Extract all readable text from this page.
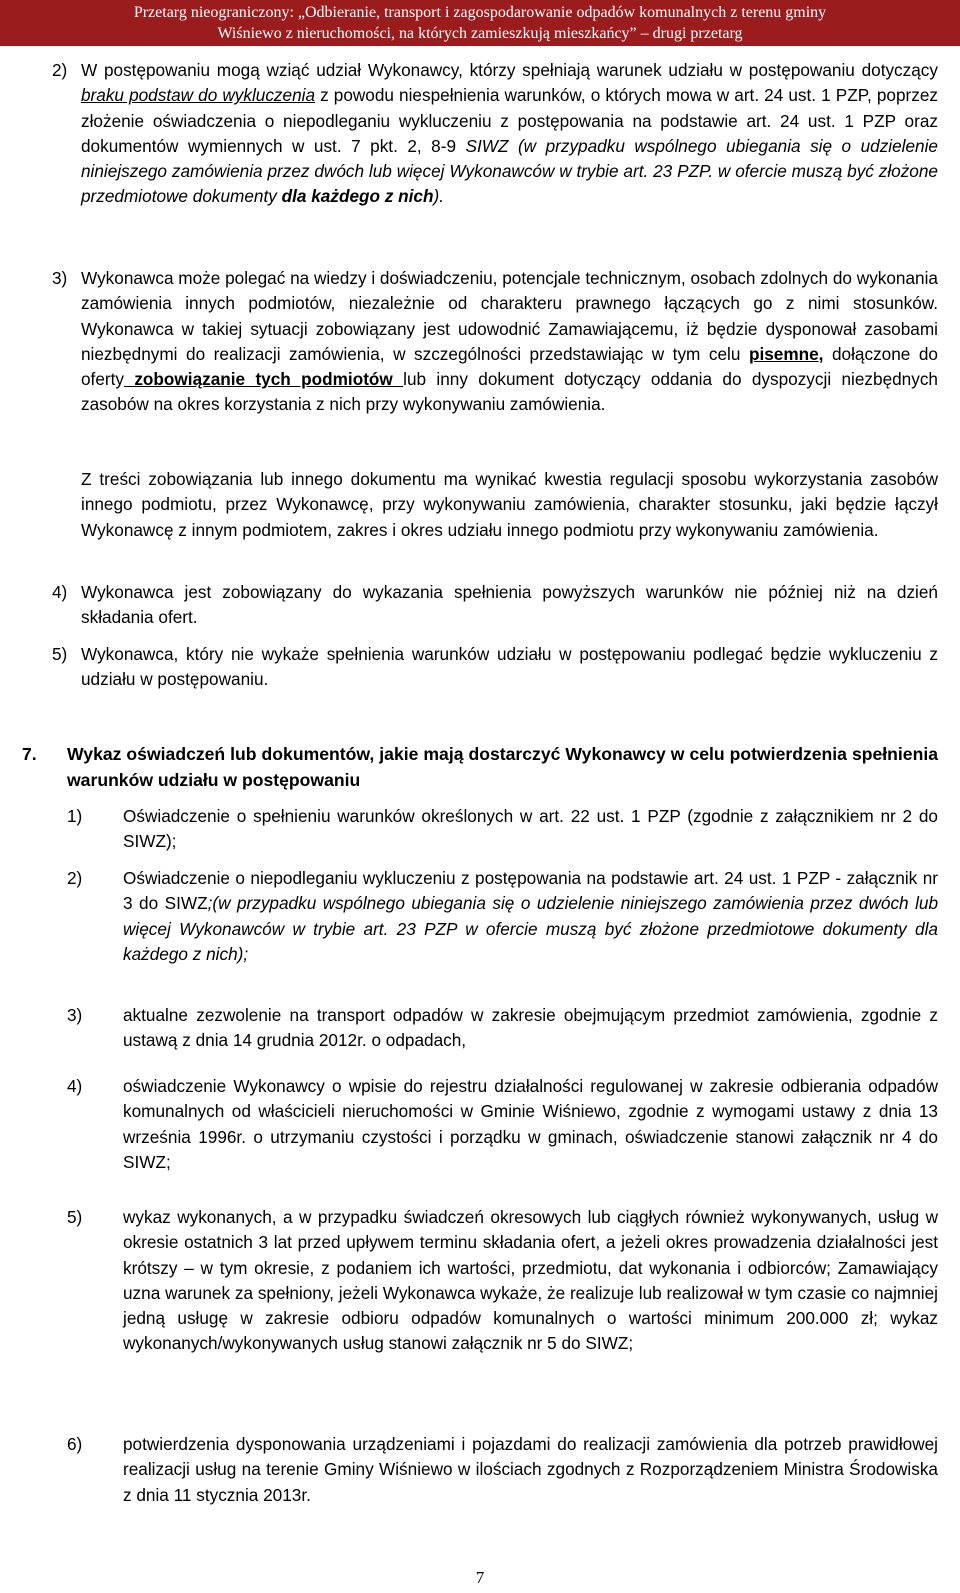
Przetarg nieograniczony: „Odbieranie, transport i zagospodarowanie odpadów komunalnych z terenu gminy
Wiśniewo z nieruchomości, na których zamieszkują mieszkańcy” – drugi przetarg
2) W postępowaniu mogą wziąć udział Wykonawcy, którzy spełniają warunek udziału w postępowaniu dotyczący braku podstaw do wykluczenia z powodu niespełnienia warunków, o których mowa w art. 24 ust. 1 PZP, poprzez złożenie oświadczenia o niepodleganiu wykluczeniu z postępowania na podstawie art. 24 ust. 1 PZP oraz dokumentów wymiennych w ust. 7 pkt. 2, 8-9 SIWZ (w przypadku wspólnego ubiegania się o udzielenie niniejszego zamówienia przez dwóch lub więcej Wykonawców w trybie art. 23 PZP. w ofercie muszą być złożone przedmiotowe dokumenty dla każdego z nich).
3) Wykonawca może polegać na wiedzy i doświadczeniu, potencjale technicznym, osobach zdolnych do wykonania zamówienia innych podmiotów, niezależnie od charakteru prawnego łączących go z nimi stosunków. Wykonawca w takiej sytuacji zobowiązany jest udowodnić Zamawiającemu, iż będzie dysponował zasobami niezbędnymi do realizacji zamówienia, w szczególności przedstawiając w tym celu pisemne, dołączone do oferty zobowiązanie tych podmiotów lub inny dokument dotyczący oddania do dyspozycji niezbędnych zasobów na okres korzystania z nich przy wykonywaniu zamówienia.
Z treści zobowiązania lub innego dokumentu ma wynikać kwestia regulacji sposobu wykorzystania zasobów innego podmiotu, przez Wykonawcę, przy wykonywaniu zamówienia, charakter stosunku, jaki będzie łączył Wykonawcę z innym podmiotem, zakres i okres udziału innego podmiotu przy wykonywaniu zamówienia.
4) Wykonawca jest zobowiązany do wykazania spełnienia powyższych warunków nie później niż na dzień składania ofert.
5) Wykonawca, który nie wykaże spełnienia warunków udziału w postępowaniu podlegać będzie wykluczeniu z udziału w postępowaniu.
7. Wykaz oświadczeń lub dokumentów, jakie mają dostarczyć Wykonawcy w celu potwierdzenia spełnienia warunków udziału w postępowaniu
1) Oświadczenie o spełnieniu warunków określonych w art. 22 ust. 1 PZP (zgodnie z załącznikiem nr 2 do SIWZ);
2) Oświadczenie o niepodleganiu wykluczeniu z postępowania na podstawie art. 24 ust. 1 PZP - załącznik nr 3 do SIWZ;(w przypadku wspólnego ubiegania się o udzielenie niniejszego zamówienia przez dwóch lub więcej Wykonawców w trybie art. 23 PZP w ofercie muszą być złożone przedmiotowe dokumenty dla każdego z nich);
3) aktualne zezwolenie na transport odpadów w zakresie obejmującym przedmiot zamówienia, zgodnie z ustawą z dnia 14 grudnia 2012r. o odpadach,
4) oświadczenie Wykonawcy o wpisie do rejestru działalności regulowanej w zakresie odbierania odpadów komunalnych od właścicieli nieruchomości w Gminie Wiśniewo, zgodnie z wymogami ustawy z dnia 13 września 1996r. o utrzymaniu czystości i porządku w gminach, oświadczenie stanowi załącznik nr 4 do SIWZ;
5) wykaz wykonanych, a w przypadku świadczeń okresowych lub ciągłych również wykonywanych, usług w okresie ostatnich 3 lat przed upływem terminu składania ofert, a jeżeli okres prowadzenia działalności jest krótszy – w tym okresie, z podaniem ich wartości, przedmiotu, dat wykonania i odbiorców; Zamawiający uzna warunek za spełniony, jeżeli Wykonawca wykaże, że realizuje lub realizował w tym czasie co najmniej jedną usługę w zakresie odbioru odpadów komunalnych o wartości minimum 200.000 zł; wykaz wykonanych/wykonywanych usług stanowi załącznik nr 5 do SIWZ;
6) potwierdzenia dysponowania urządzeniami i pojazdami do realizacji zamówienia dla potrzeb prawidłowej realizacji usług na terenie Gminy Wiśniewo w ilościach zgodnych z Rozporządzeniem Ministra Środowiska z dnia 11 stycznia 2013r.
7
